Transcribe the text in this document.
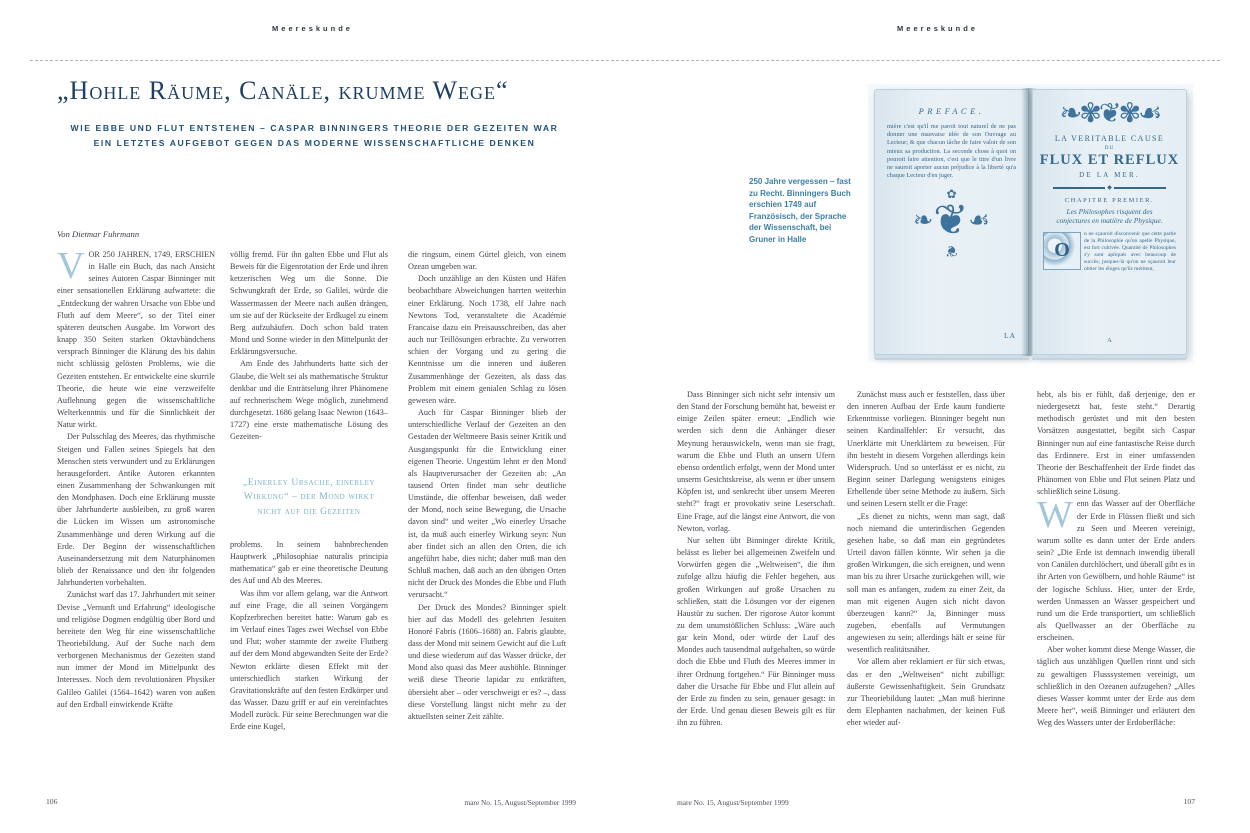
Meereskunde	Meereskunde
„Hohle Räume, Canäle, krumme Wege“
WIE EBBE UND FLUT ENTSTEHEN – CASPAR BINNINGERS THEORIE DER GEZEITEN WAR
EIN LETZTES AUFGEBOT GEGEN DAS MODERNE WISSENSCHAFTLICHE DENKEN
Von Dietmar Fuhrmann

VOR 250 JAHREN, 1749, ERSCHIEN in Halle ein Buch, das nach Ansicht seines Autoren Caspar Binninger mit einer sensationellen Erklärung aufwartete: die „Entdeckung der wahren Ursache von Ebbe und Fluth auf dem Meere“, so der Titel einer späteren deutschen Ausgabe. Im Vorwort des knapp 350 Seiten starken Oktavbändchens versprach Binninger die Klärung des bis dahin nicht schlüssig gelösten Problems, wie die Gezeiten entstehen. Er entwickelte eine skurrile Theorie, die heute wie eine verzweifelte Auflehnung gegen die wissenschaftliche Welterkenntnis und für die Sinnlichkeit der Natur wirkt.

Der Pulsschlag des Meeres, das rhythmische Steigen und Fallen seines Spiegels hat den Menschen stets verwundert und zu Erklärungen herausgefordert. Antike Autoren erkannten einen Zusammenhang der Schwankungen mit den Mondphasen. Doch eine Erklärung musste über Jahrhunderte ausbleiben, zu groß waren die Lücken im Wissen um astronomische Zusammenhänge und deren Wirkung auf die Erde. Der Beginn der wissenschaftlichen Auseinandersetzung mit dem Naturphänomen blieb der Renaissance und den ihr folgenden Jahrhunderten vorbehalten.

Zunächst warf das 17. Jahrhundert mit seiner Devise „Vernunft und Erfahrung“ ideologische und religiöse Dogmen endgültig über Bord und bereitete den Weg für eine wissenschaftliche Theoriebildung. Auf der Suche nach dem verborgenen Mechanismus der Gezeiten stand nun immer der Mond im Mittelpunkt des Interesses. Noch dem revolutionären Physiker Galileo Galilei (1564–1642) waren von außen auf den Erdball einwirkende Kräfte

völlig fremd. Für ihn galten Ebbe und Flut als Beweis für die Eigenrotation der Erde und ihren ketzerischen Weg um die Sonne. Die Schwungkraft der Erde, so Galilei, würde die Wassermassen der Meere nach außen drängen, um sie auf der Rückseite der Erdkugel zu einem Berg aufzuhäufen. Doch schon bald traten Mond und Sonne wieder in den Mittelpunkt der Erklärungsversuche.

Am Ende des Jahrhunderts hatte sich der Glaube, die Welt sei als mathematische Struktur denkbar und die Enträtselung ihrer Phänomene auf rechnerischem Wege möglich, zunehmend durchgesetzt. 1686 gelang Isaac Newton (1643–1727) eine erste mathematische Lösung des Gezeiten-

„Einerley Ursache, einerley Wirkung“ – der Mond wirkt nicht auf die Gezeiten

problems. In seinem bahnbrechenden Hauptwerk „Philosophiae naturalis principia mathematica“ gab er eine theoretische Deutung des Auf und Ab des Meeres.

Was ihm vor allem gelang, war die Antwort auf eine Frage, die all seinen Vorgängern Kopfzerbrechen bereitet hatte: Warum gab es im Verlauf eines Tages zwei Wechsel von Ebbe und Flut; woher stammte der zweite Flutberg auf der dem Mond abgewandten Seite der Erde? Newton erklärte diesen Effekt mit der unterschiedlich starken Wirkung der Gravitationskräfte auf den festen Erdkörper und das Wasser. Dazu griff er auf ein vereinfachtes Modell zurück. Für seine Berechnungen war die Erde eine Kugel,

die ringsum, einem Gürtel gleich, von einem Ozean umgeben war.

Doch unzählige an den Küsten und Häfen beobachtbare Abweichungen harrten weiterhin einer Erklärung. Noch 1738, elf Jahre nach Newtons Tod, veranstaltete die Académie Francaise dazu ein Preisausschreiben, das aber auch nur Teillösungen erbrachte. Zu verworren schien der Vorgang und zu gering die Kenntnisse um die inneren und äußeren Zusammenhänge der Gezeiten, als dass das Problem mit einem genialen Schlag zu lösen gewesen wäre.

Auch für Caspar Binninger blieb der unterschiedliche Verlauf der Gezeiten an den Gestaden der Weltmeere Basis seiner Kritik und Ausgangspunkt für die Entwicklung einer eigenen Theorie. Ungestüm lehnt er den Mond als Hauptverursacher der Gezeiten ab: „An tausend Orten findet man sehr deutliche Umstände, die offenbar beweisen, daß weder der Mond, noch seine Bewegung, die Ursache davon sind“ und weiter „Wo einerley Ursache ist, da muß auch einerley Wirkung seyn: Nun aber findet sich an allen den Orten, die ich angeführt habe, dies nicht; daher muß man den Schluß machen, daß auch an den übrigen Orten nicht der Druck des Mondes die Ebbe und Fluth verursacht.“

Der Druck des Mondes? Binninger spielt hier auf das Modell des gelehrten Jesuiten Honoré Fabris (1606–1688) an. Fabris glaubte, dass der Mond mit seinem Gewicht auf die Luft und diese wiederum auf das Wasser drücke, der Mond also quasi das Meer aushöhle. Binninger weiß diese Theorie lapidar zu entkräften, übersieht aber – oder verschweigt er es? –, dass diese Vorstellung längst nicht mehr zu der aktuellsten seiner Zeit zählte.

250 Jahre vergessen – fast zu Recht. Binningers Buch erschien 1749 auf Französisch, der Sprache der Wissenschaft, bei Gruner in Halle
PREFACE.
mière c'est qu'il me paroit tout naturel de ne pas donner une mauvaise idée de son Ouvrage au Lecteur; & que chacun tâche de faire valoir de son mieux sa production. La seconde chose à quoi on pouroit faire attention, c'est que le titre d'un livre ne sauroit aporter aucun préjudice à la liberté qu'a chaque Lecteur d'en juger.
✿
❧❦☙
❦
LA
❧✾❦✾☙
LA VERITABLE CAUSE
DU
FLUX ET REFLUX
DE LA MER.
◆
CHAPITRE PREMIER.
Les Philosophes risquent des conjectures en matière de Physique.
O
n ne sçauroit disconvenir que cette partie de la Philosophie qu'on apelle Physique, est fort cultivée. Quantité de Philosophes s'y sont apliqués avec beaucoup de succès; jusques-là qu'on ne sçauroit leur obtier les éloges qu'ils méritent,
A

Dass Binninger sich nicht sehr intensiv um den Stand der Forschung bemüht hat, beweist er einige Zeilen später erneut: „Endlich wie werden sich denn die Anhänger dieser Meynung herauswickeln, wenn man sie fragt, warum die Ebbe und Fluth an unsern Ufern ebenso ordentlich erfolgt, wenn der Mond unter unserm Gesichtskreise, als wenn er über unsern Köpfen ist, und senkrecht über unsern Meeren steht?“ fragt er provokativ seine Leserschaft. Eine Frage, auf die längst eine Antwort, die von Newton, vorlag.

Nur selten übt Binninger direkte Kritik, belässt es lieber bei allgemeinen Zweifeln und Vorwürfen gegen die „Weltweisen“, die ihm zufolge allzu häufig die Fehler begehen, aus großen Wirkungen auf große Ursachen zu schließen, statt die Lösungen vor der eigenen Haustür zu suchen. Der rigorose Autor kommt zu dem unumstößlichen Schluss: „Wäre auch gar kein Mond, oder würde der Lauf des Mondes auch tausendmal aufgehalten, so würde doch die Ebbe und Fluth des Meeres immer in ihrer Ordnung fortgehen.“ Für Binninger muss daher die Ursache für Ebbe und Flut allein auf der Erde zu finden zu sein, genauer gesagt: in der Erde. Und genau diesen Beweis gilt es für ihn zu führen.

Zunächst muss auch er feststellen, dass über den inneren Aufbau der Erde kaum fundierte Erkenntnisse vorliegen. Binninger begeht nun seinen Kardinalfehler: Er versucht, das Unerklärte mit Unerklärtem zu beweisen. Für ihn besteht in diesem Vorgehen allerdings kein Widerspruch. Und so unterlässt er es nicht, zu Beginn seiner Darlegung wenigstens einiges Erhellende über seine Methode zu äußern. Sich und seinen Lesern stellt er die Frage:

„Es dienet zu nichts, wenn man sagt, daß noch niemand die unterirdischen Gegenden gesehen habe, so daß man ein gegründetes Urteil davon fällen könnte. Wir sehen ja die großen Wirkungen, die sich ereignen, und wenn man bis zu ihrer Ursache zurückgehen will, wie soll man es anfangen, zudem zu einer Zeit, da man mit eigenen Augen sich nicht davon überzeugen kann?“ Ja, Binninger muss zugeben, ebenfalls auf Vermutungen angewiesen zu sein; allerdings hält er seine für wesentlich realitätsnäher.

Vor allem aber reklamiert er für sich etwas, das er den „Weltweisen“ nicht zubilligt: äußerste Gewissenhaftigkeit. Sein Grundsatz zur Theoriebildung lautet: „Man muß hierinne dem Elephanten nachahmen, der keinen Fuß eher wieder auf-

hebt, als bis er fühlt, daß derjenige, den er niedergesetzt hat, feste steht.“ Derartig methodisch gerüstet und mit den besten Vorsätzen ausgestattet, begibt sich Caspar Binninger nun auf eine fantastische Reise durch das Erdinnere. Erst in einer umfassenden Theorie der Beschaffenheit der Erde findet das Phänomen von Ebbe und Flut seinen Platz und schließlich seine Lösung.

Wenn das Wasser auf der Oberfläche der Erde in Flüssen fließt und sich zu Seen und Meeren vereinigt, warum sollte es dann unter der Erde anders sein? „Die Erde ist demnach inwendig überall von Canälen durchlöchert, und überall gibt es in ihr Arten von Gewölbern, und hohle Räume“ ist der logische Schluss. Hier, unter der Erde, werden Unmassen an Wasser gespeichert und rund um die Erde transportiert, um schließlich als Quellwasser an der Oberfläche zu erscheinen.

Aber woher kommt diese Menge Wasser, die täglich aus unzähligen Quellen rinnt und sich zu gewaltigen Flusssystemen vereinigt, um schließlich in den Ozeanen aufzugehen? „Alles dieses Wasser kommt unter der Erde aus dem Meere her“, weiß Binninger und erläutert den Weg des Wassers unter der Erdoberfläche:

mare No. 15, August/September 1999	mare No. 15, August/September 1999
106	107
